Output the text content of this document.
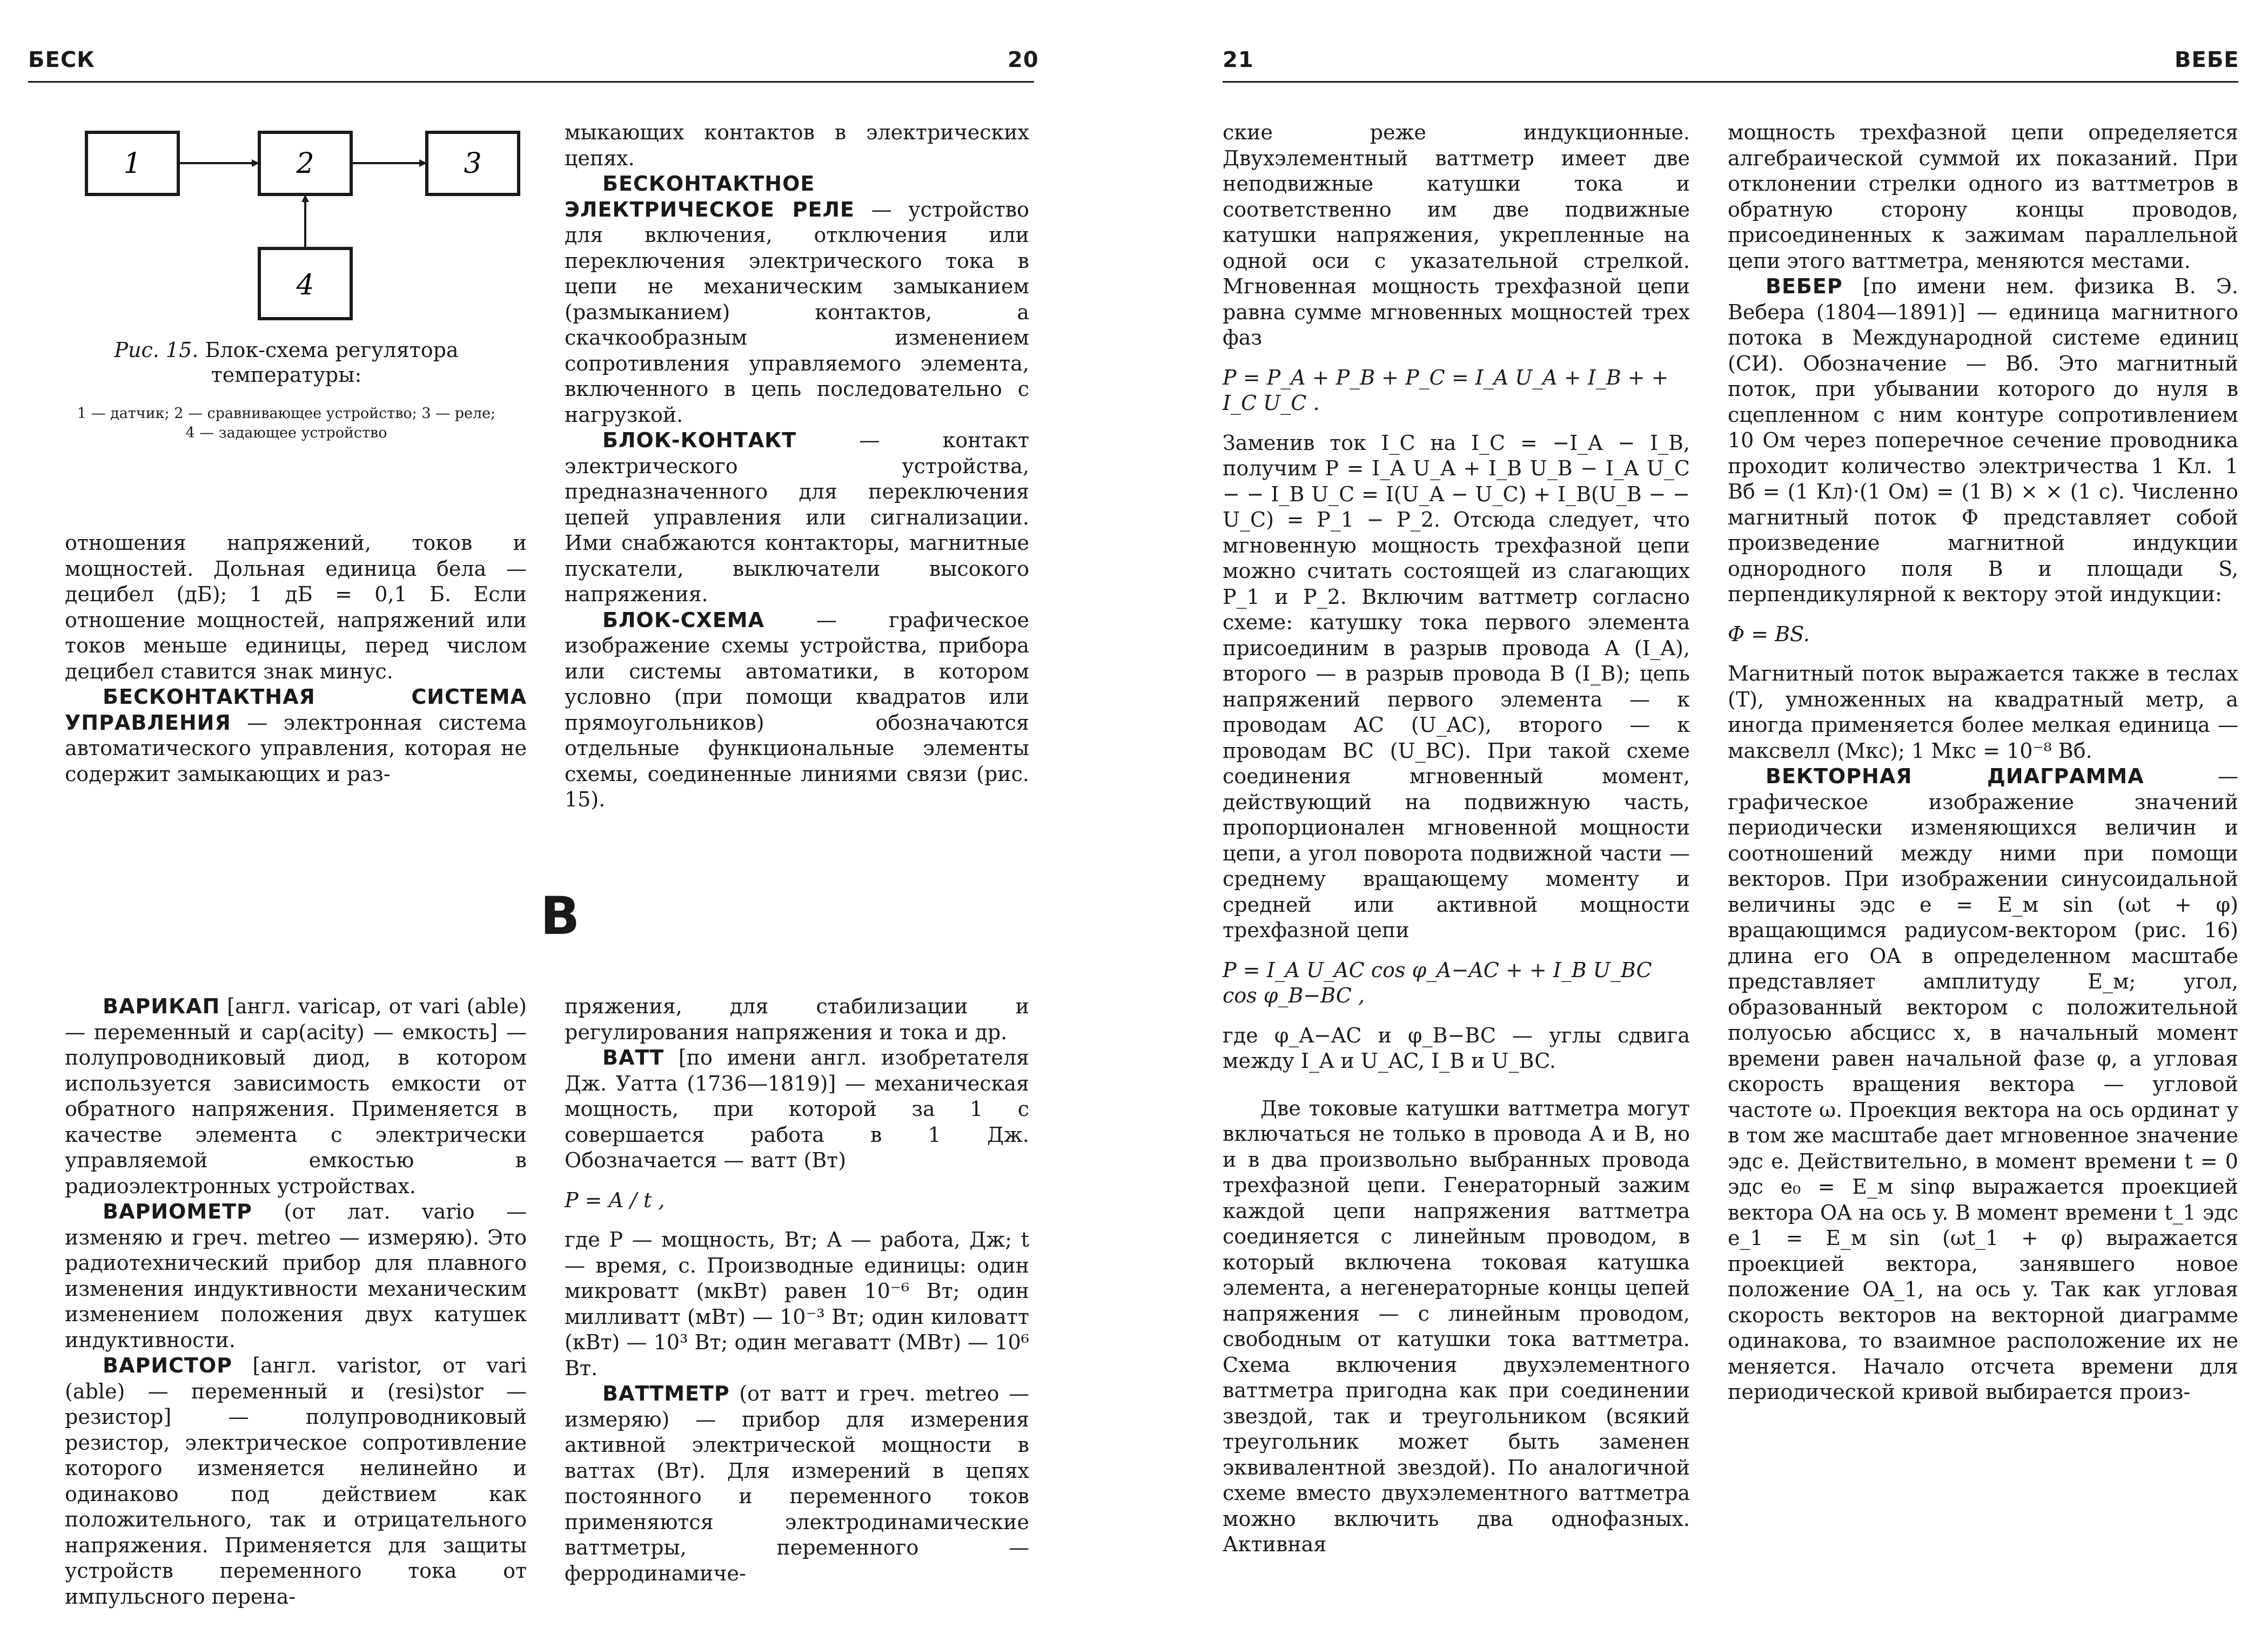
БЕСК	20
1	2	3
4
Рис. 15. Блок-схема регулятора температуры:
1 — датчик; 2 — сравнивающее устройство; 3 — реле; 4 — задающее устройство

отношения напряжений, токов и мощностей. Дольная единица бела — децибел (дБ); 1 дБ = 0,1 Б. Если отношение мощностей, напряжений или токов меньше единицы, перед числом децибел ставится знак минус.

БЕСКОНТАКТНАЯ СИСТЕМА УПРАВЛЕНИЯ — электронная система автоматического управления, которая не содержит замыкающих и раз-

мыкающих контактов в электрических цепях.

БЕСКОНТАКТНОЕ ЭЛЕКТРИЧЕСКОЕ РЕЛЕ — устройство для включения, отключения или переключения электрического тока в цепи не механическим замыканием (размыканием) контактов, а скачкообразным изменением сопротивления управляемого элемента, включенного в цепь последовательно с нагрузкой.

БЛОК-КОНТАКТ — контакт электрического устройства, предназначенного для переключения цепей управления или сигнализации. Ими снабжаются контакторы, магнитные пускатели, выключатели высокого напряжения.

БЛОК-СХЕМА — графическое изображение схемы устройства, прибора или системы автоматики, в котором условно (при помощи квадратов или прямоугольников) обозначаются отдельные функциональные элементы схемы, соединенные линиями связи (рис. 15).

В

ВАРИКАП [англ. varicap, от vari (able) — переменный и cap(acity) — емкость] — полупроводниковый диод, в котором используется зависимость емкости от обратного напряжения. Применяется в качестве элемента с электрически управляемой емкостью в радиоэлектронных устройствах.

ВАРИОМЕТР (от лат. vario — изменяю и греч. metreo — измеряю). Это радиотехнический прибор для плавного изменения индуктивности механическим изменением положения двух катушек индуктивности.

ВАРИСТОР [англ. varistor, от vari (able) — переменный и (resi)stor — резистор] — полупроводниковый резистор, электрическое сопротивление которого изменяется нелинейно и одинаково под действием как положительного, так и отрицательного напряжения. Применяется для защиты устройств переменного тока от импульсного перена-

пряжения, для стабилизации и регулирования напряжения и тока и др.

ВАТТ [по имени англ. изобретателя Дж. Уатта (1736—1819)] — механическая мощность, при которой за 1 с совершается работа в 1 Дж. Обозначается — ватт (Вт)

P = A / t ,

где P — мощность, Вт; A — работа, Дж; t — время, с. Производные единицы: один микроватт (мкВт) равен 10⁻⁶ Вт; один милливатт (мВт) — 10⁻³ Вт; один киловатт (кВт) — 10³ Вт; один мегаватт (МВт) — 10⁶ Вт.

ВАТТМЕТР (от ватт и греч. metreo — измеряю) — прибор для измерения активной электрической мощности в ваттах (Вт). Для измерений в цепях постоянного и переменного токов применяются электродинамические ваттметры, переменного — ферродинамиче-

21	ВЕБЕ

ские реже индукционные. Двухэлементный ваттметр имеет две неподвижные катушки тока и соответственно им две подвижные катушки напряжения, укрепленные на одной оси с указательной стрелкой. Мгновенная мощность трехфазной цепи равна сумме мгновенных мощностей трех фаз

P = P_A + P_B + P_C = I_A U_A + I_B + + I_C U_C .

Заменив ток I_C на I_C = −I_A − I_B, получим P = I_A U_A + I_B U_B − I_A U_C − − I_B U_C = I(U_A − U_C) + I_B(U_B − − U_C) = P_1 − P_2. Отсюда следует, что мгновенную мощность трехфазной цепи можно считать состоящей из слагающих P_1 и P_2. Включим ваттметр согласно схеме: катушку тока первого элемента присоединим в разрыв провода A (I_A), второго — в разрыв провода B (I_B); цепь напряжений первого элемента — к проводам AC (U_AC), второго — к проводам BC (U_BC). При такой схеме соединения мгновенный момент, действующий на подвижную часть, пропорционален мгновенной мощности цепи, а угол поворота подвижной части — среднему вращающему моменту и средней или активной мощности трехфазной цепи

P = I_A U_AC cos φ_A−AC + + I_B U_BC cos φ_B−BC ,

где φ_A−AC и φ_B−BC — углы сдвига между I_A и U_AC, I_B и U_BC.

Две токовые катушки ваттметра могут включаться не только в провода A и B, но и в два произвольно выбранных провода трехфазной цепи. Генераторный зажим каждой цепи напряжения ваттметра соединяется с линейным проводом, в который включена токовая катушка элемента, а негенераторные концы цепей напряжения — с линейным проводом, свободным от катушки тока ваттметра. Схема включения двухэлементного ваттметра пригодна как при соединении звездой, так и треугольником (всякий треугольник может быть заменен эквивалентной звездой). По аналогичной схеме вместо двухэлементного ваттметра можно включить два однофазных. Активная

мощность трехфазной цепи определяется алгебраической суммой их показаний. При отклонении стрелки одного из ваттметров в обратную сторону концы проводов, присоединенных к зажимам параллельной цепи этого ваттметра, меняются местами.

ВЕБЕР [по имени нем. физика В. Э. Вебера (1804—1891)] — единица магнитного потока в Международной системе единиц (СИ). Обозначение — Вб. Это магнитный поток, при убывании которого до нуля в сцепленном с ним контуре сопротивлением 10 Ом через поперечное сечение проводника проходит количество электричества 1 Кл. 1 Вб = (1 Кл)·(1 Ом) = (1 В) × × (1 с). Численно магнитный поток Φ представляет собой произведение магнитной индукции однородного поля B и площади S, перпендикулярной к вектору этой индукции:

Φ = BS.

Магнитный поток выражается также в теслах (Т), умноженных на квадратный метр, а иногда применяется более мелкая единица — максвелл (Мкс); 1 Мкс = 10⁻⁸ Вб.

ВЕКТОРНАЯ ДИАГРАММА — графическое изображение значений периодически изменяющихся величин и соотношений между ними при помощи векторов. При изображении синусоидальной величины эдс e = E_м sin (ωt + φ) вращающимся радиусом-вектором (рис. 16) длина его OA в определенном масштабе представляет амплитуду E_м; угол, образованный вектором с положительной полуосью абсцисс x, в начальный момент времени равен начальной фазе φ, а угловая скорость вращения вектора — угловой частоте ω. Проекция вектора на ось ординат y в том же масштабе дает мгновенное значение эдс e. Действительно, в момент времени t = 0 эдс e₀ = E_м sinφ выражается проекцией вектора OA на ось y. В момент времени t_1 эдс e_1 = E_м sin (ωt_1 + φ) выражается проекцией вектора, занявшего новое положение OA_1, на ось y. Так как угловая скорость векторов на векторной диаграмме одинакова, то взаимное расположение их не меняется. Начало отсчета времени для периодической кривой выбирается произ-
